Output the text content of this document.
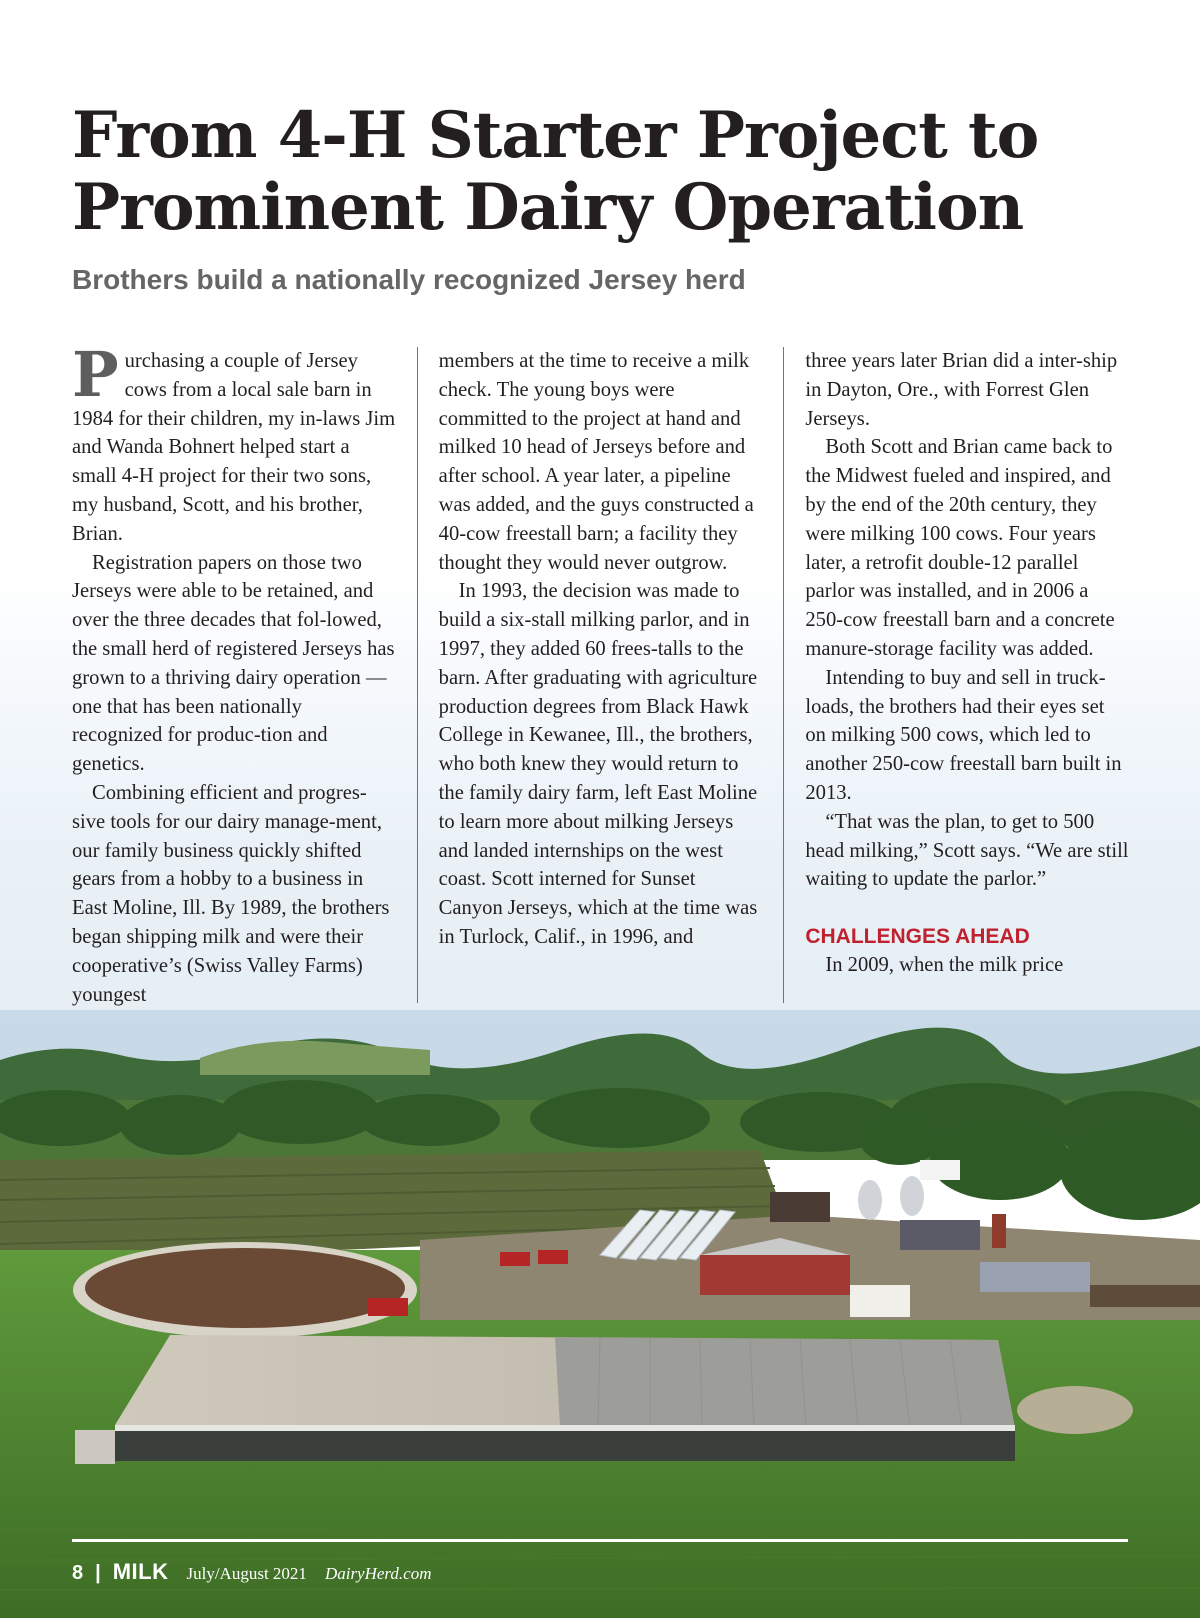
From 4-H Starter Project to
Prominent Dairy Operation
Brothers build a nationally recognized Jersey herd

Purchasing a couple of Jersey cows from a local sale barn in 1984 for their children, my in-laws Jim and Wanda Bohnert helped start a small 4-H project for their two sons, my husband, Scott, and his brother, Brian.

Registration papers on those two Jerseys were able to be retained, and over the three decades that fol-lowed, the small herd of registered Jerseys has grown to a thriving dairy operation — one that has been nationally recognized for produc-tion and genetics.

Combining efficient and progres-sive tools for our dairy manage-ment, our family business quickly shifted gears from a hobby to a business in East Moline, Ill. By 1989, the brothers began shipping milk and were their cooperative’s (Swiss Valley Farms) youngest

members at the time to receive a milk check. The young boys were committed to the project at hand and milked 10 head of Jerseys before and after school. A year later, a pipeline was added, and the guys constructed a 40-cow freestall barn; a facility they thought they would never outgrow.

In 1993, the decision was made to build a six-stall milking parlor, and in 1997, they added 60 frees-talls to the barn. After graduating with agriculture production degrees from Black Hawk College in Kewanee, Ill., the brothers, who both knew they would return to the family dairy farm, left East Moline to learn more about milking Jerseys and landed internships on the west coast. Scott interned for Sunset Canyon Jerseys, which at the time was in Turlock, Calif., in 1996, and

three years later Brian did a inter-ship in Dayton, Ore., with Forrest Glen Jerseys.

Both Scott and Brian came back to the Midwest fueled and inspired, and by the end of the 20th century, they were milking 100 cows. Four years later, a retrofit double-12 parallel parlor was installed, and in 2006 a 250-cow freestall barn and a concrete manure-storage facility was added.

Intending to buy and sell in truck-loads, the brothers had their eyes set on milking 500 cows, which led to another 250-cow freestall barn built in 2013.

“That was the plan, to get to 500 head milking,” Scott says. “We are still waiting to update the parlor.”

CHALLENGES AHEAD

In 2009, when the milk price

8 | MILK July/August 2021 DairyHerd.com
